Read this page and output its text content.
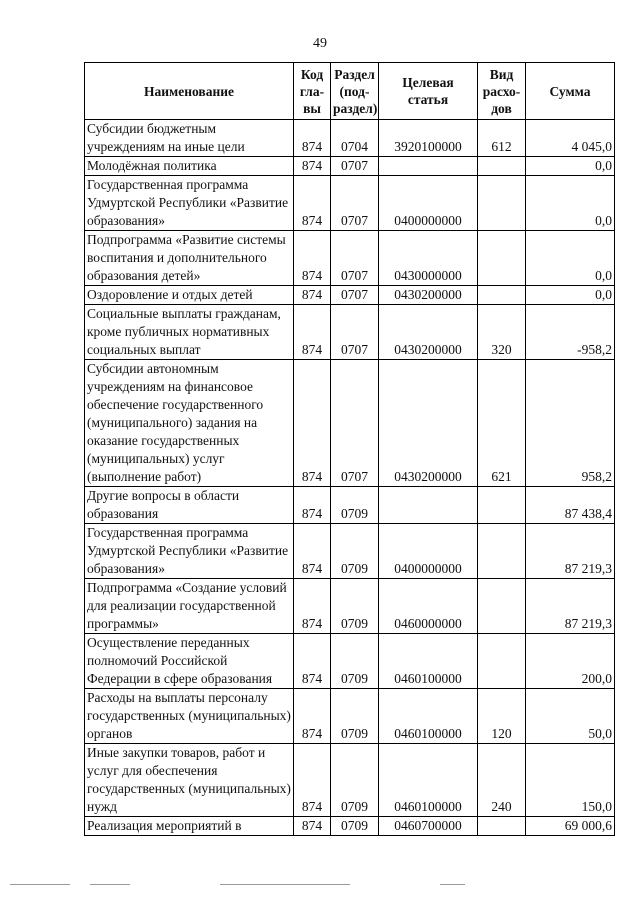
49
Наименование	Код гла-вы	Раздел (под-раздел)	Целевая статья	Вид расхо-дов	Сумма
Субсидии бюджетным учреждениям на иные цели	874	0704	3920100000	612	4 045,0
Молодёжная политика	874	0707			0,0
Государственная программа Удмуртской Республики «Развитие образования»	874	0707	0400000000		0,0
Подпрограмма «Развитие системы воспитания и дополнительного образования детей»	874	0707	0430000000		0,0
Оздоровление и отдых детей	874	0707	0430200000		0,0
Социальные выплаты гражданам, кроме публичных нормативных социальных выплат	874	0707	0430200000	320	-958,2
Субсидии автономным учреждениям на финансовое обеспечение государственного (муниципального) задания на оказание государственных (муниципальных) услуг (выполнение работ)	874	0707	0430200000	621	958,2
Другие вопросы в области образования	874	0709			87 438,4
Государственная программа Удмуртской Республики «Развитие образования»	874	0709	0400000000		87 219,3
Подпрограмма «Создание условий для реализации государственной программы»	874	0709	0460000000		87 219,3
Осуществление переданных полномочий Российской Федерации в сфере образования	874	0709	0460100000		200,0
Расходы на выплаты персоналу государственных (муниципальных) органов	874	0709	0460100000	120	50,0
Иные закупки товаров, работ и услуг для обеспечения государственных (муниципальных) нужд	874	0709	0460100000	240	150,0
Реализация мероприятий в	874	0709	0460700000		69 000,6
